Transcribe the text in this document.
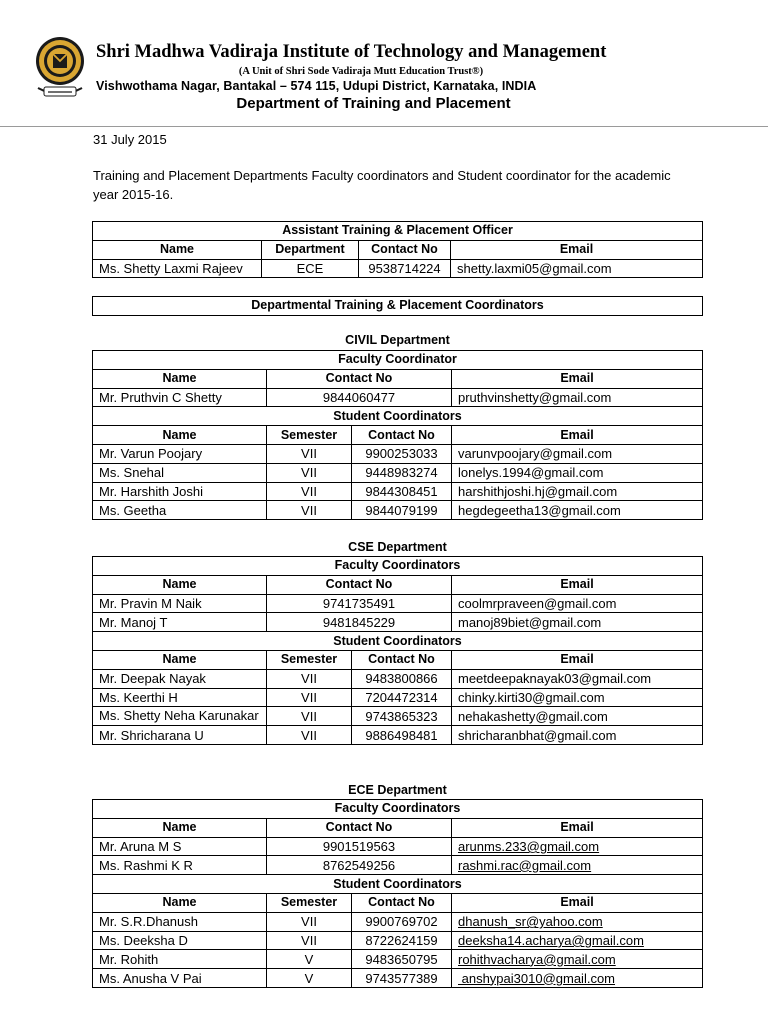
Shri Madhwa Vadiraja Institute of Technology and Management
(A Unit of Shri Sode Vadiraja Mutt Education Trust®)
Vishwothama Nagar, Bantakal – 574 115, Udupi District, Karnataka, INDIA
Department of Training and Placement
31 July 2015
Training and Placement Departments Faculty coordinators and Student coordinator for the academic year 2015-16.
Assistant Training & Placement Officer			
Name	Department	Contact No	Email
Ms. Shetty Laxmi Rajeev	ECE	9538714224	shetty.laxmi05@gmail.com
Departmental Training & Placement Coordinators
CIVIL Department
Faculty Coordinator			
Name	Contact No		Email
Mr. Pruthvin C Shetty	9844060477		pruthvinshetty@gmail.com
Student Coordinators			
Name	Semester	Contact No	Email
Mr. Varun Poojary	VII	9900253033	varunvpoojary@gmail.com
Ms. Snehal	VII	9448983274	lonelys.1994@gmail.com
Mr. Harshith Joshi	VII	9844308451	harshithjoshi.hj@gmail.com
Ms. Geetha	VII	9844079199	hegdegeetha13@gmail.com
CSE Department
Faculty Coordinators			
Name	Contact No		Email
Mr. Pravin M Naik	9741735491		coolmrpraveen@gmail.com
Mr. Manoj T	9481845229		manoj89biet@gmail.com
Student Coordinators			
Name	Semester	Contact No	Email
Mr. Deepak Nayak	VII	9483800866	meetdeepaknayak03@gmail.com
Ms. Keerthi H	VII	7204472314	chinky.kirti30@gmail.com
Ms. Shetty Neha Karunakar	VII	9743865323	nehakashetty@gmail.com
Mr. Shricharana U	VII	9886498481	shricharanbhat@gmail.com
ECE Department
Faculty Coordinators			
Name	Contact No		Email
Mr. Aruna M S	9901519563		arunms.233@gmail.com
Ms. Rashmi K R	8762549256		rashmi.rac@gmail.com
Student Coordinators			
Name	Semester	Contact No	Email
Mr. S.R.Dhanush	VII	9900769702	dhanush_sr@yahoo.com
Ms. Deeksha D	VII	8722624159	deeksha14.acharya@gmail.com
Mr. Rohith	V	9483650795	rohithvacharya@gmail.com
Ms. Anusha V Pai	V	9743577389	anshypai3010@gmail.com
